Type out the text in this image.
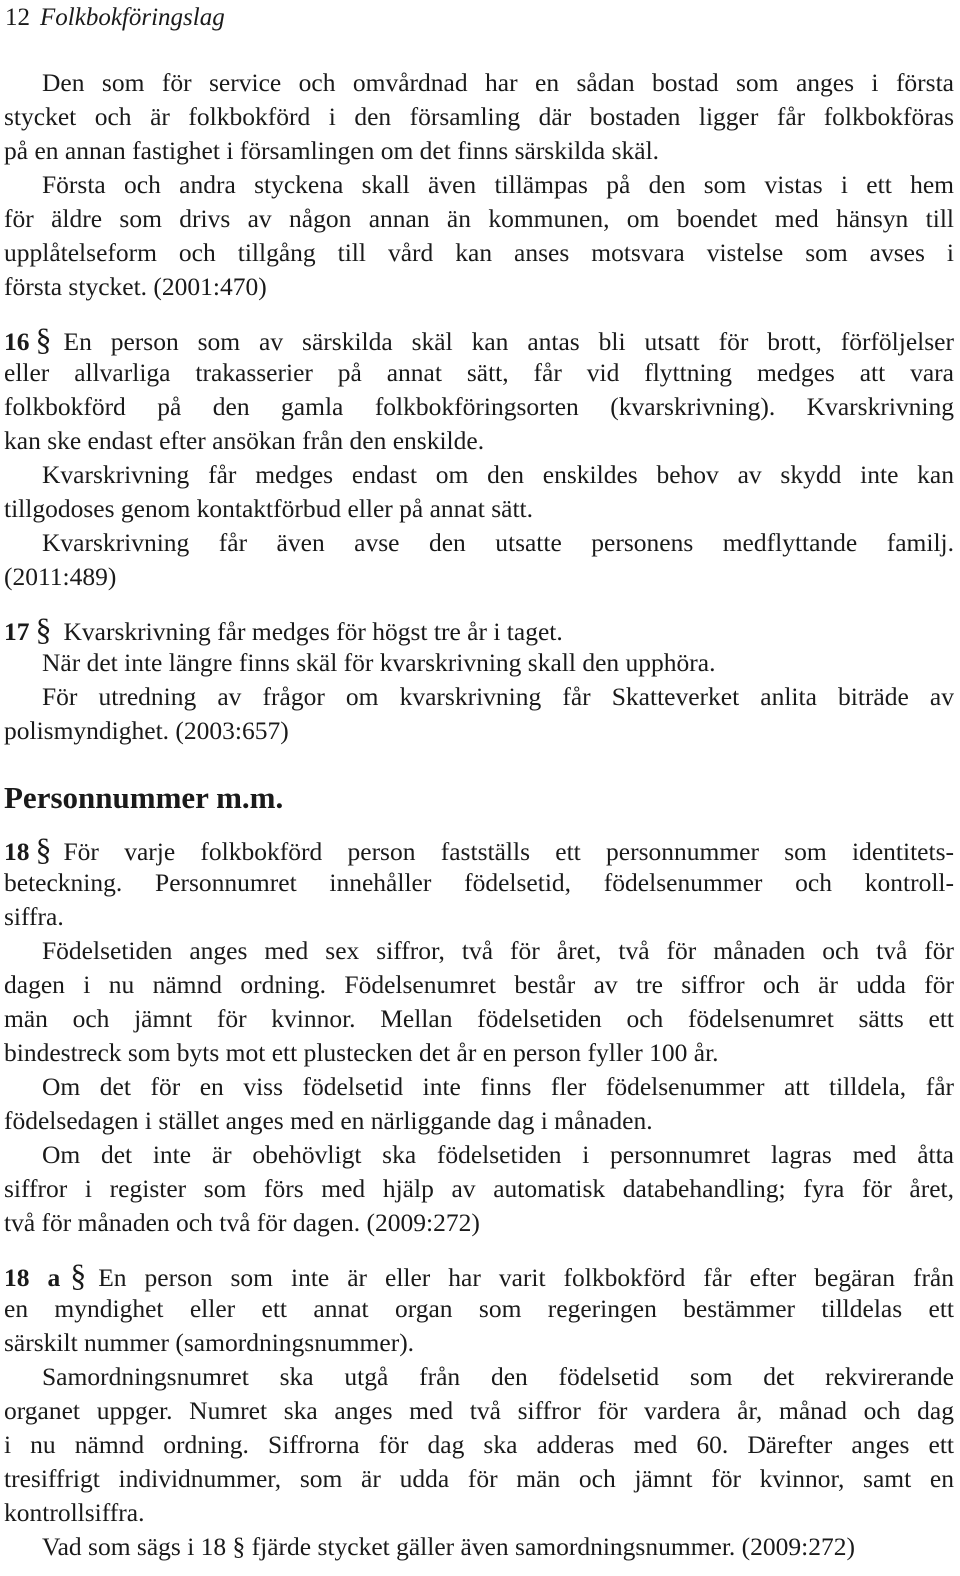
12 Folkbokföringslag
Den som för service och omvårdnad har en sådan bostad som anges i första
stycket och är folkbokförd i den församling där bostaden ligger får folkbokföras
på en annan fastighet i församlingen om det finns särskilda skäl.
Första och andra styckena skall även tillämpas på den som vistas i ett hem
för äldre som drivs av någon annan än kommunen, om boendet med hänsyn till
upplåtelseform och tillgång till vård kan anses motsvara vistelse som avses i
första stycket. (2001:470)
16 § En person som av särskilda skäl kan antas bli utsatt för brott, förföljelser
eller allvarliga trakasserier på annat sätt, får vid flyttning medges att vara
folkbokförd på den gamla folkbokföringsorten (kvarskrivning). Kvarskrivning
kan ske endast efter ansökan från den enskilde.
Kvarskrivning får medges endast om den enskildes behov av skydd inte kan
tillgodoses genom kontaktförbud eller på annat sätt.
Kvarskrivning får även avse den utsatte personens medflyttande familj.
(2011:489)
17 § Kvarskrivning får medges för högst tre år i taget.
När det inte längre finns skäl för kvarskrivning skall den upphöra.
För utredning av frågor om kvarskrivning får Skatteverket anlita biträde av
polismyndighet. (2003:657)
Personnummer m.m.
18 § För varje folkbokförd person fastställs ett personnummer som identitets-
beteckning. Personnumret innehåller födelsetid, födelsenummer och kontroll-
siffra.
Födelsetiden anges med sex siffror, två för året, två för månaden och två för
dagen i nu nämnd ordning. Födelsenumret består av tre siffror och är udda för
män och jämnt för kvinnor. Mellan födelsetiden och födelsenumret sätts ett
bindestreck som byts mot ett plustecken det år en person fyller 100 år.
Om det för en viss födelsetid inte finns fler födelsenummer att tilldela, får
födelsedagen i stället anges med en närliggande dag i månaden.
Om det inte är obehövligt ska födelsetiden i personnumret lagras med åtta
siffror i register som förs med hjälp av automatisk databehandling; fyra för året,
två för månaden och två för dagen. (2009:272)
18 a § En person som inte är eller har varit folkbokförd får efter begäran från
en myndighet eller ett annat organ som regeringen bestämmer tilldelas ett
särskilt nummer (samordningsnummer).
Samordningsnumret ska utgå från den födelsetid som det rekvirerande
organet uppger. Numret ska anges med två siffror för vardera år, månad och dag
i nu nämnd ordning. Siffrorna för dag ska adderas med 60. Därefter anges ett
tresiffrigt individnummer, som är udda för män och jämnt för kvinnor, samt en
kontrollsiffra.
Vad som sägs i 18 § fjärde stycket gäller även samordningsnummer. (2009:272)
